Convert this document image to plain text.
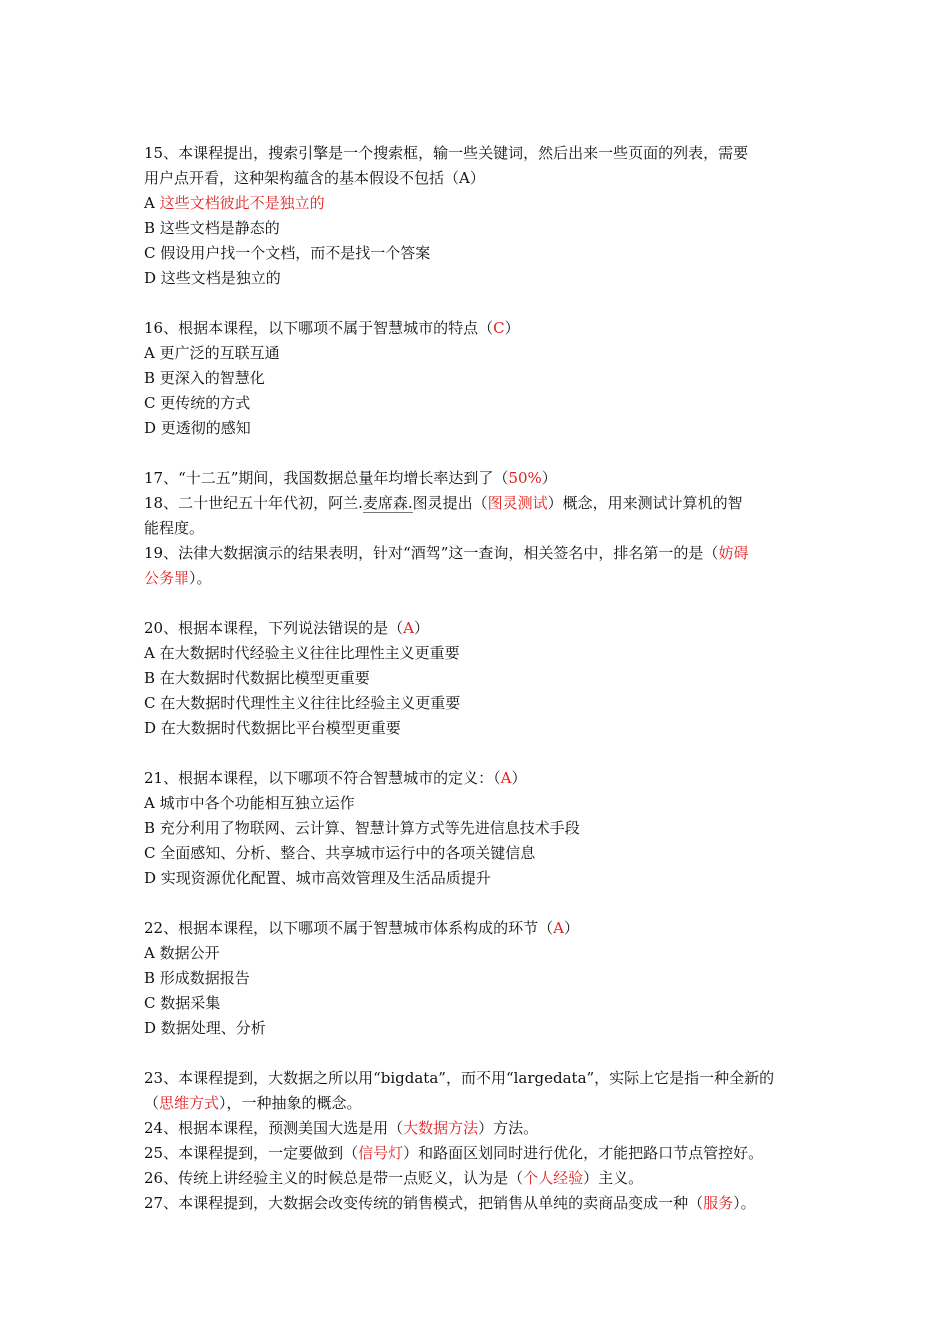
15、本课程提出，搜索引擎是一个搜索框，输一些关键词，然后出来一些页面的列表，需要
用户点开看，这种架构蕴含的基本假设不包括（A）
A 这些文档彼此不是独立的
B 这些文档是静态的
C 假设用户找一个文档，而不是找一个答案
D 这些文档是独立的
16、根据本课程，以下哪项不属于智慧城市的特点（C）
A 更广泛的互联互通
B 更深入的智慧化
C 更传统的方式
D 更透彻的感知
17、“十二五”期间，我国数据总量年均增长率达到了（50%）
18、二十世纪五十年代初，阿兰.麦席森.图灵提出（图灵测试）概念，用来测试计算机的智
能程度。
19、法律大数据演示的结果表明，针对“酒驾”这一查询，相关签名中，排名第一的是（妨碍
公务罪）。
20、根据本课程，下列说法错误的是（A）
A 在大数据时代经验主义往往比理性主义更重要
B 在大数据时代数据比模型更重要
C 在大数据时代理性主义往往比经验主义更重要
D 在大数据时代数据比平台模型更重要
21、根据本课程，以下哪项不符合智慧城市的定义：（A）
A 城市中各个功能相互独立运作
B 充分利用了物联网、云计算、智慧计算方式等先进信息技术手段
C 全面感知、分析、整合、共享城市运行中的各项关键信息
D 实现资源优化配置、城市高效管理及生活品质提升
22、根据本课程，以下哪项不属于智慧城市体系构成的环节（A）
A 数据公开
B 形成数据报告
C 数据采集
D 数据处理、分析
23、本课程提到，大数据之所以用“bigdata”，而不用“largedata”，实际上它是指一种全新的
（思维方式），一种抽象的概念。
24、根据本课程，预测美国大选是用（大数据方法）方法。
25、本课程提到，一定要做到（信号灯）和路面区划同时进行优化，才能把路口节点管控好。
26、传统上讲经验主义的时候总是带一点贬义，认为是（个人经验）主义。
27、本课程提到，大数据会改变传统的销售模式，把销售从单纯的卖商品变成一种（服务）。
